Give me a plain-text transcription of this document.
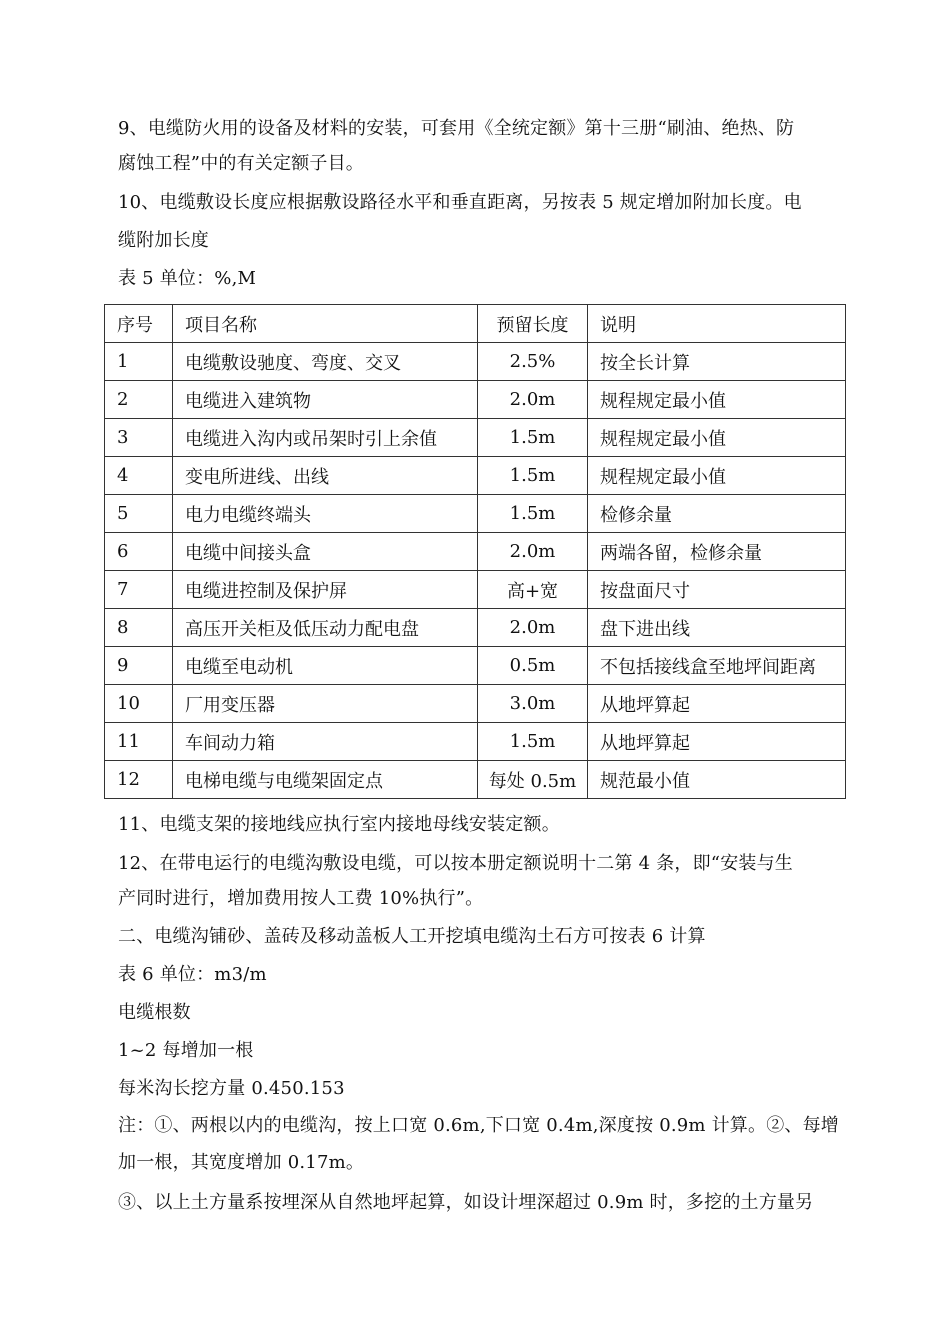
9、电缆防火用的设备及材料的安装，可套用《全统定额》第十三册“刷油、绝热、防
腐蚀工程”中的有关定额子目。
10、电缆敷设长度应根据敷设路径水平和垂直距离，另按表 5 规定增加附加长度。电
缆附加长度
表 5 单位：%,M
序号	项目名称	预留长度	说明
1	电缆敷设驰度、弯度、交叉	2.5%	按全长计算
2	电缆进入建筑物	2.0m	规程规定最小值
3	电缆进入沟内或吊架时引上余值	1.5m	规程规定最小值
4	变电所进线、出线	1.5m	规程规定最小值
5	电力电缆终端头	1.5m	检修余量
6	电缆中间接头盒	2.0m	两端各留，检修余量
7	电缆进控制及保护屏	高+宽	按盘面尺寸
8	高压开关柜及低压动力配电盘	2.0m	盘下进出线
9	电缆至电动机	0.5m	不包括接线盒至地坪间距离
10	厂用变压器	3.0m	从地坪算起
11	车间动力箱	1.5m	从地坪算起
12	电梯电缆与电缆架固定点	每处 0.5m	规范最小值
11、电缆支架的接地线应执行室内接地母线安装定额。
12、在带电运行的电缆沟敷设电缆，可以按本册定额说明十二第 4 条，即“安装与生
产同时进行，增加费用按人工费 10%执行”。
二、电缆沟铺砂、盖砖及移动盖板人工开挖填电缆沟土石方可按表 6 计算
表 6 单位：m3/m
电缆根数
1~2 每增加一根
每米沟长挖方量 0.450.153
注：①、两根以内的电缆沟，按上口宽 0.6m,下口宽 0.4m,深度按 0.9m 计算。②、每增
加一根，其宽度增加 0.17m。
③、以上土方量系按埋深从自然地坪起算，如设计埋深超过 0.9m 时，多挖的土方量另
